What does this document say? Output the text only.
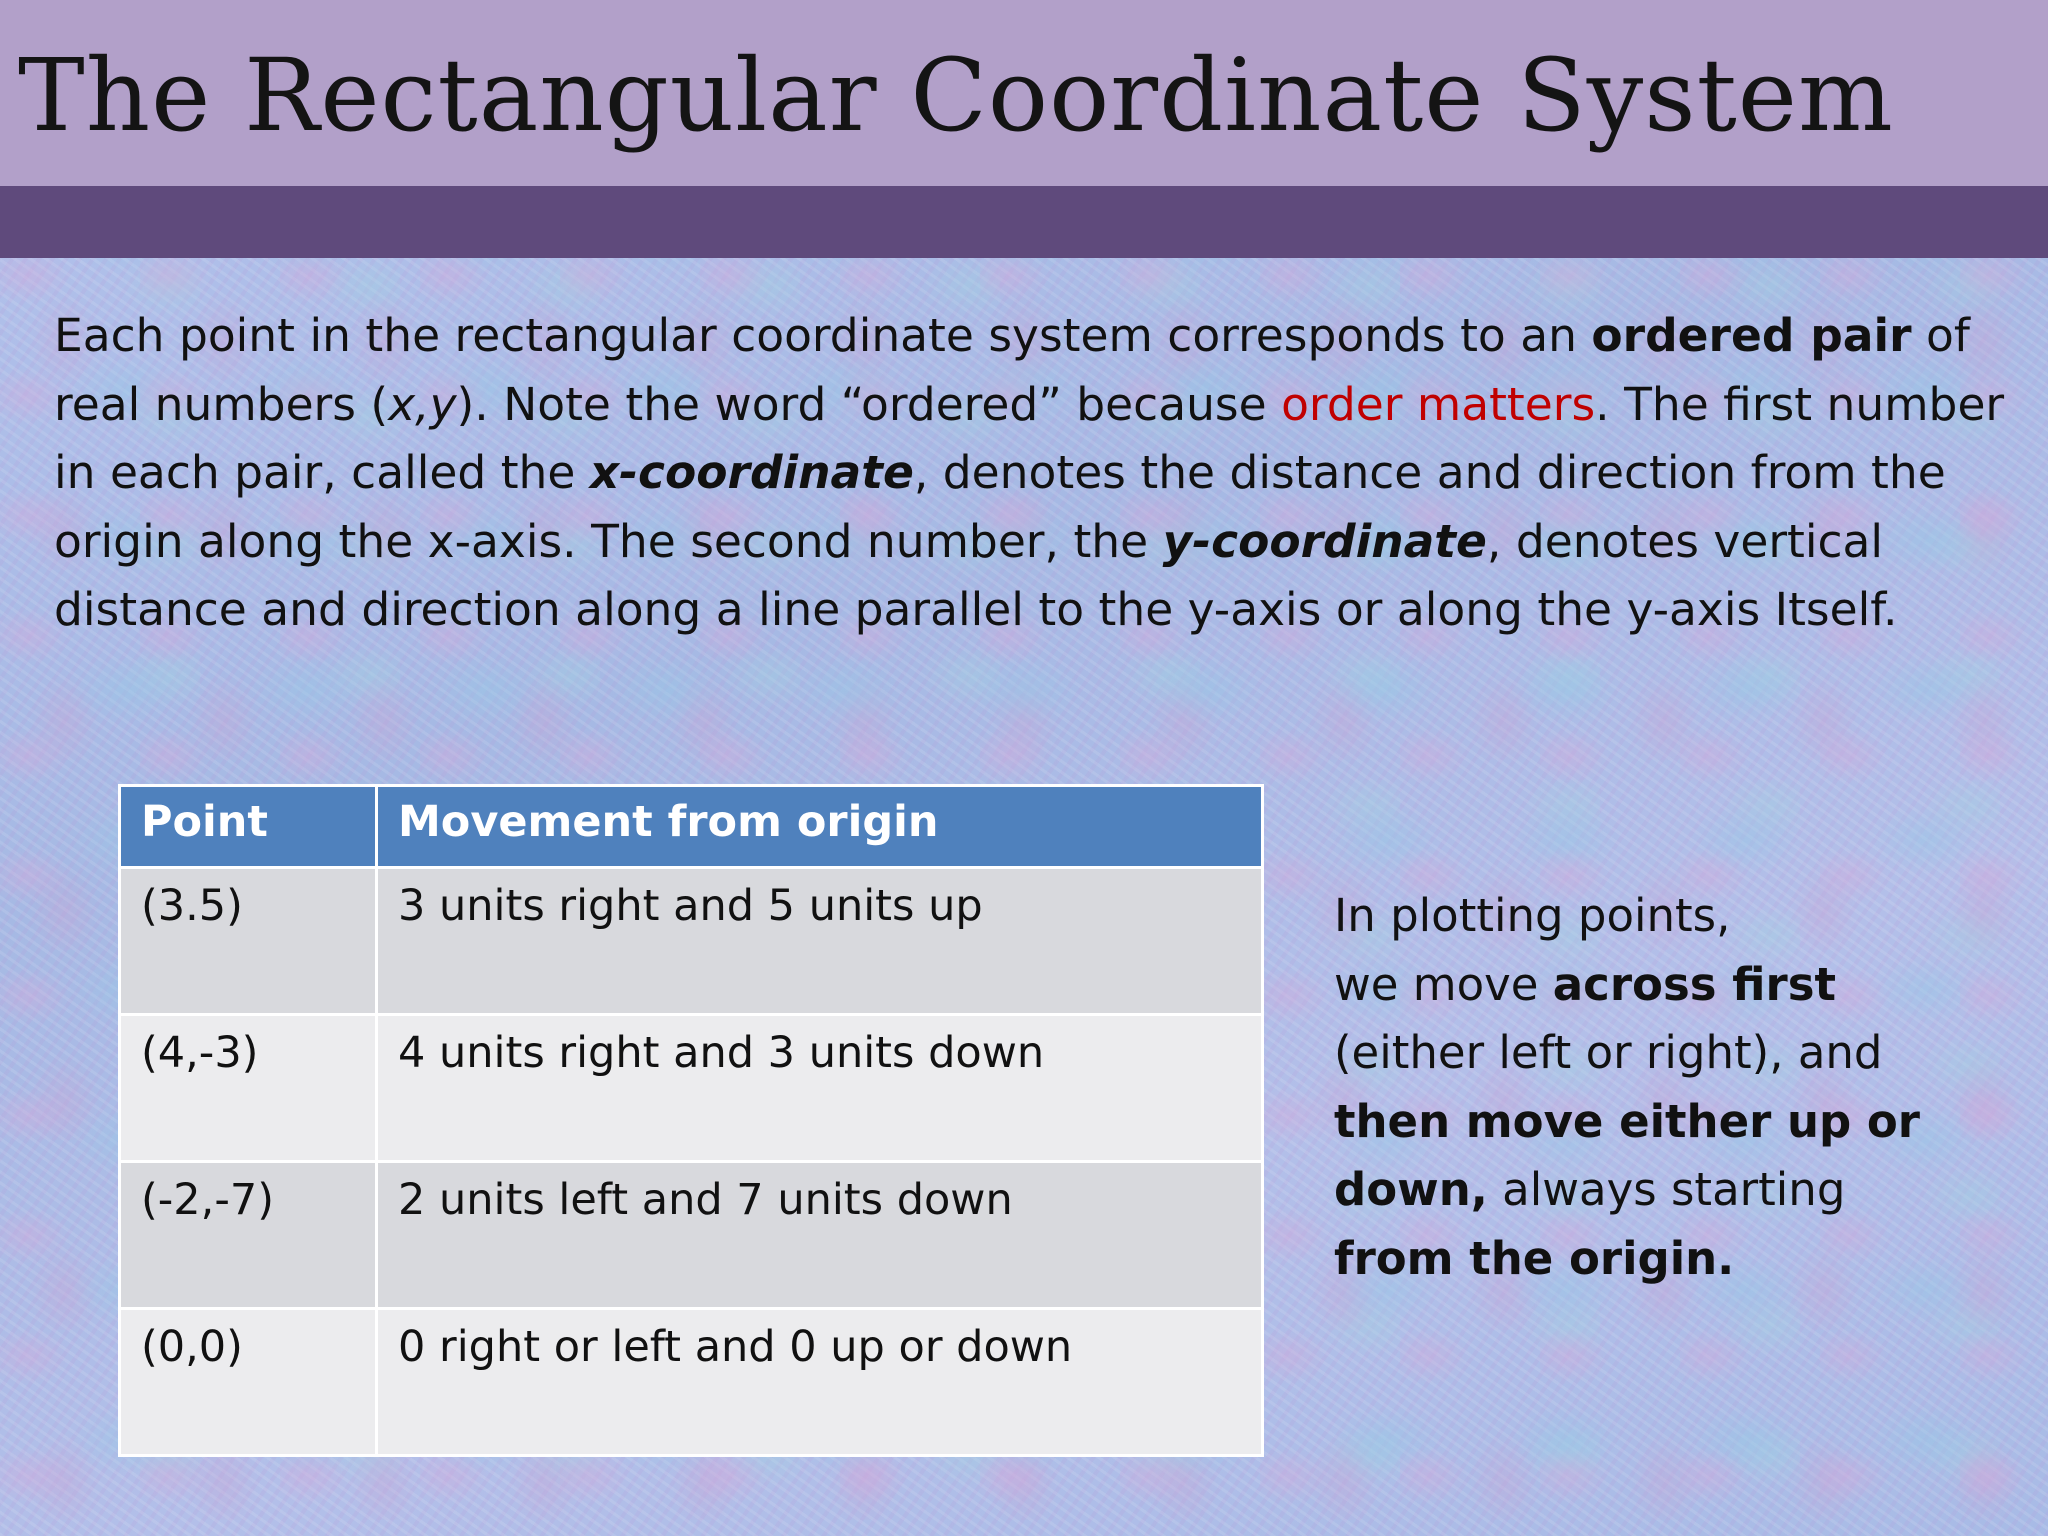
The Rectangular Coordinate System

Each point in the rectangular coordinate system corresponds to an ordered pair of real numbers (x,y). Note the word “ordered” because order matters. The first number in each pair, called the x-coordinate, denotes the distance and direction from the origin along the x-axis. The second number, the y-coordinate, denotes vertical distance and direction along a line parallel to the y-axis or along the y-axis Itself.

Point	Movement from origin
(3.5)	3 units right and 5 units up
(4,-3)	4 units right and 3 units down
(-2,-7)	2 units left and 7 units down
(0,0)	0 right or left and 0 up or down
In plotting points,
we move across first
(either left or right), and
then move either up or down, always starting
from the origin.
